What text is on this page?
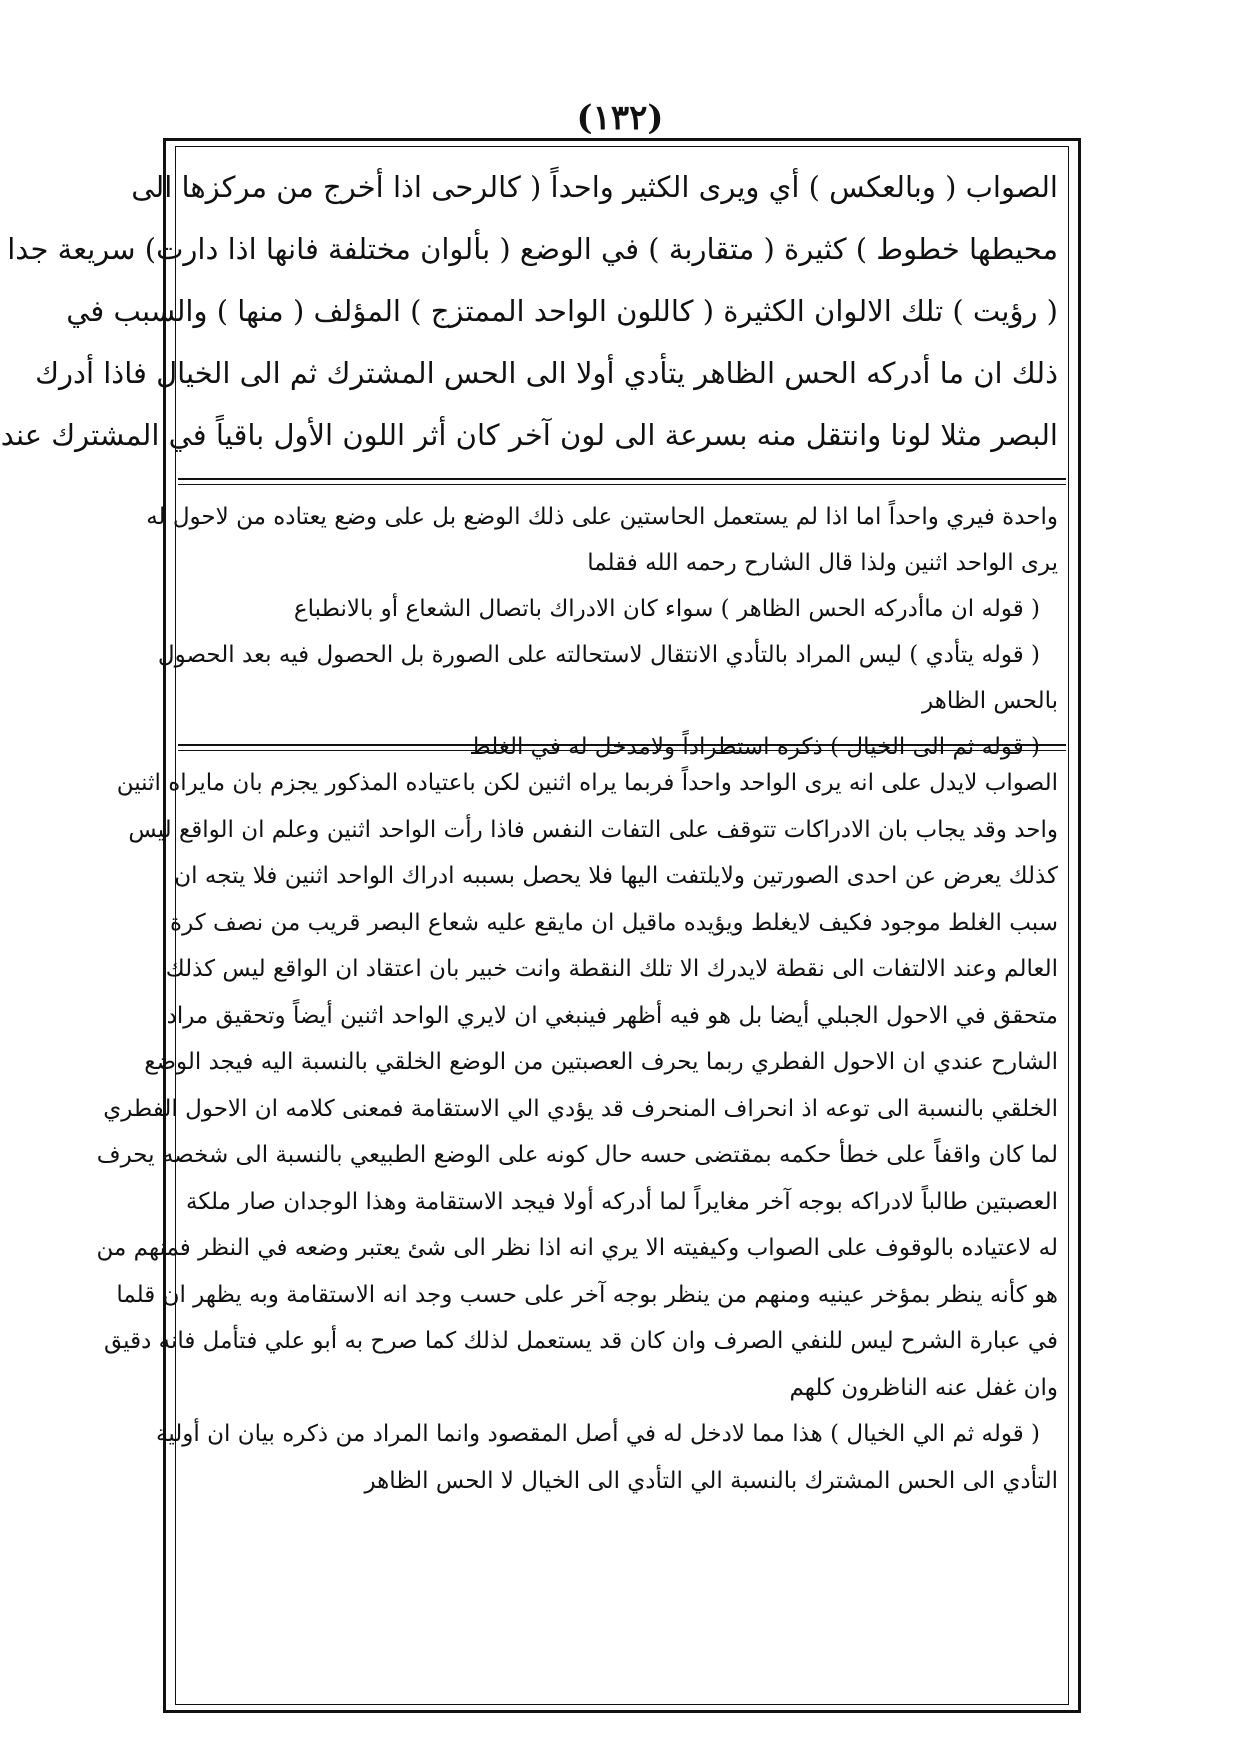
(١٣٢)
الصواب ( وبالعكس ) أي ويرى الكثير واحداً ( كالرحى اذا أخرج من مركزها الى
محيطها خطوط ) كثيرة ( متقاربة ) في الوضع ( بألوان مختلفة فانها اذا دارت) سريعة جدا
( رؤيت ) تلك الالوان الكثيرة ( كاللون الواحد الممتزج ) المؤلف ( منها ) والسبب في
ذلك ان ما أدركه الحس الظاهر يتأدي أولا الى الحس المشترك ثم الى الخيال فاذا أدرك
البصر مثلا لونا وانتقل منه بسرعة الى لون آخر كان أثر اللون الأول باقياً في المشترك عند
واحدة فيري واحداً اما اذا لم يستعمل الحاستين على ذلك الوضع بل على وضع يعتاده من لاحول له
يرى الواحد اثنين ولذا قال الشارح رحمه الله فقلما
( قوله ان ماأدركه الحس الظاهر ) سواء كان الادراك باتصال الشعاع أو بالانطباع
( قوله يتأدي ) ليس المراد بالتأدي الانتقال لاستحالته على الصورة بل الحصول فيه بعد الحصول
بالحس الظاهر
( قوله ثم الى الخيال ) ذكره استطراداً ولامدخل له في الغلط
الصواب لايدل على انه يرى الواحد واحداً فربما يراه اثنين لكن باعتياده المذكور يجزم بان مايراه اثنين
واحد وقد يجاب بان الادراكات تتوقف على التفات النفس فاذا رأت الواحد اثنين وعلم ان الواقع ليس
كذلك يعرض عن احدى الصورتين ولايلتفت اليها فلا يحصل بسببه ادراك الواحد اثنين فلا يتجه ان
سبب الغلط موجود فكيف لايغلط ويؤيده ماقيل ان مايقع عليه شعاع البصر قريب من نصف كرة
العالم وعند الالتفات الى نقطة لايدرك الا تلك النقطة وانت خبير بان اعتقاد ان الواقع ليس كذلك
متحقق في الاحول الجبلي أيضا بل هو فيه أظهر فينبغي ان لايري الواحد اثنين أيضاً وتحقيق مراد
الشارح عندي ان الاحول الفطري ربما يحرف العصبتين من الوضع الخلقي بالنسبة اليه فيجد الوضع
الخلقي بالنسبة الى توعه اذ انحراف المنحرف قد يؤدي الي الاستقامة فمعنى كلامه ان الاحول الفطري
لما كان واقفاً على خطأ حكمه بمقتضى حسه حال كونه على الوضع الطبيعي بالنسبة الى شخصه يحرف
العصبتين طالباً لادراكه بوجه آخر مغايراً لما أدركه أولا فيجد الاستقامة وهذا الوجدان صار ملكة
له لاعتياده بالوقوف على الصواب وكيفيته الا يري انه اذا نظر الى شئ يعتبر وضعه في النظر فمنهم من
هو كأنه ينظر بمؤخر عينيه ومنهم من ينظر بوجه آخر على حسب وجد انه الاستقامة وبه يظهر ان قلما
في عبارة الشرح ليس للنفي الصرف وان كان قد يستعمل لذلك كما صرح به أبو علي فتأمل فانه دقيق
وان غفل عنه الناظرون كلهم
( قوله ثم الي الخيال ) هذا مما لادخل له في أصل المقصود وانما المراد من ذكره بيان ان أولية
التأدي الى الحس المشترك بالنسبة الي التأدي الى الخيال لا الحس الظاهر
